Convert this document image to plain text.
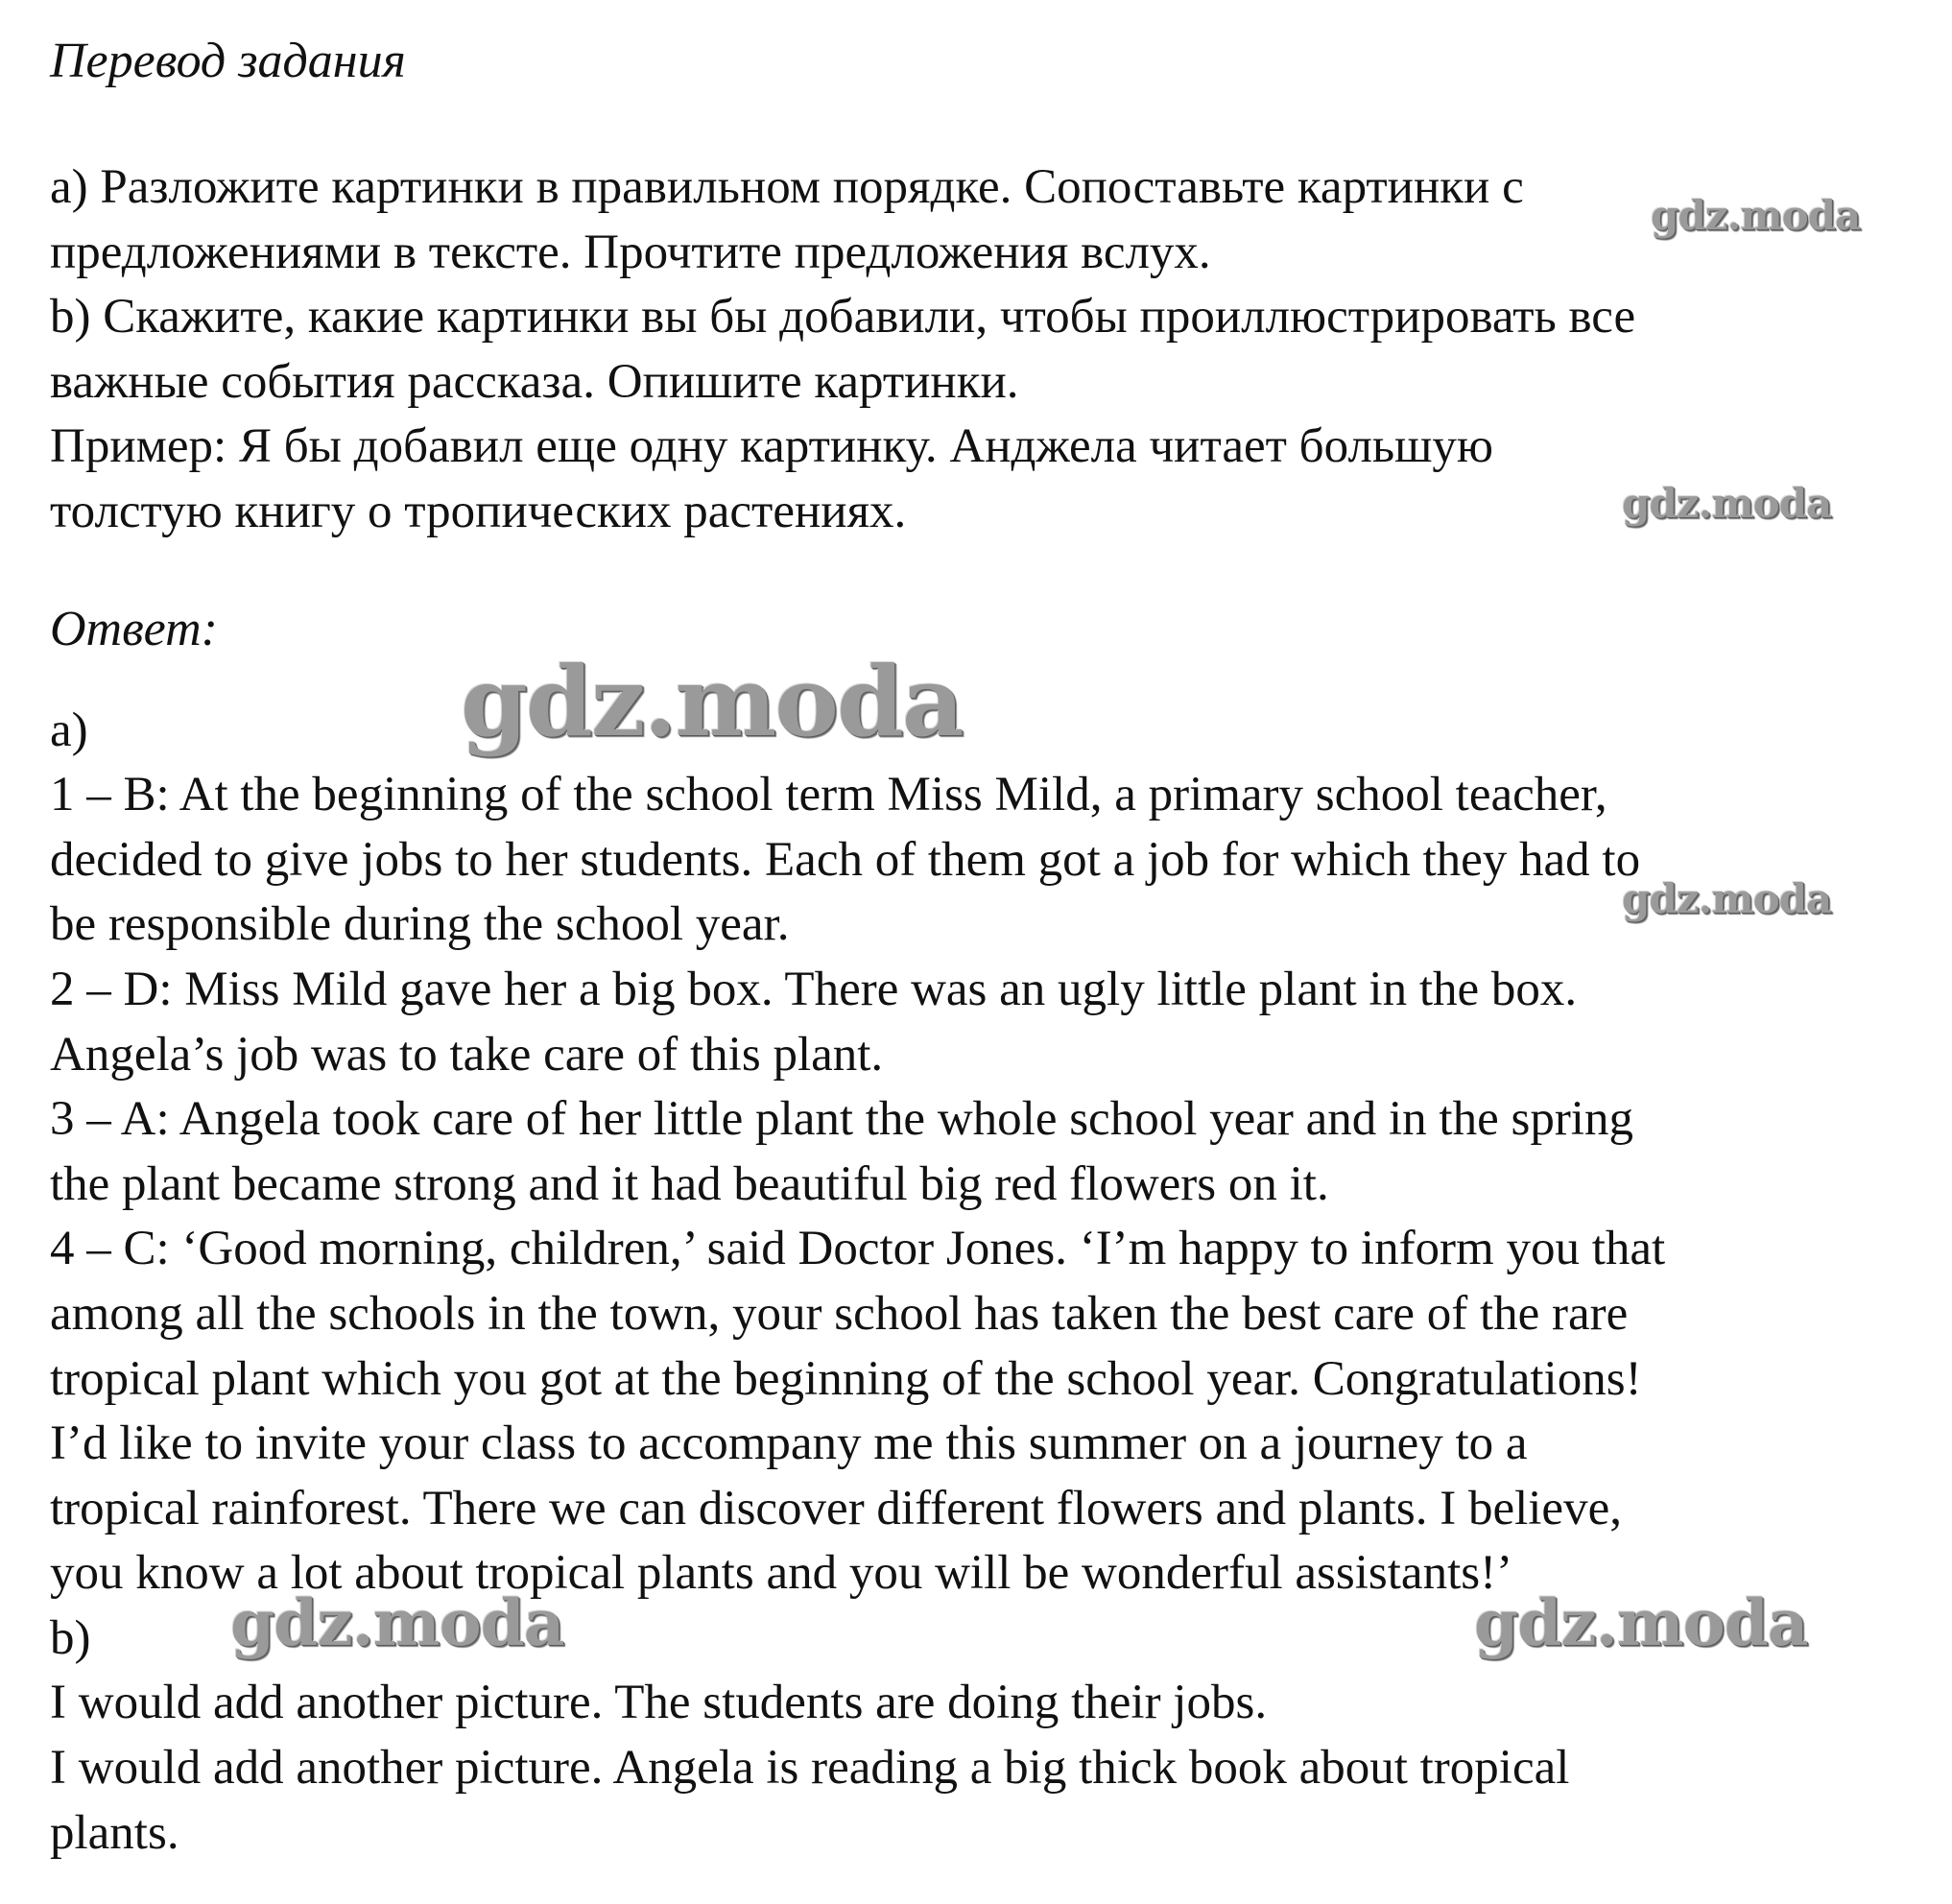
Перевод задания

a) Разложите картинки в правильном порядке. Сопоставьте картинки с

предложениями в тексте. Прочтите предложения вслух.

b) Скажите, какие картинки вы бы добавили, чтобы проиллюстрировать все

важные события рассказа. Опишите картинки.

Пример: Я бы добавил еще одну картинку. Анджела читает большую

толстую книгу о тропических растениях.

Ответ:

a)

1 – B: At the beginning of the school term Miss Mild, a primary school teacher,

decided to give jobs to her students. Each of them got a job for which they had to

be responsible during the school year.

2 – D: Miss Mild gave her a big box. There was an ugly little plant in the box.

Angela’s job was to take care of this plant.

3 – A: Angela took care of her little plant the whole school year and in the spring

the plant became strong and it had beautiful big red flowers on it.

4 – C: ‘Good morning, children,’ said Doctor Jones. ‘I’m happy to inform you that

among all the schools in the town, your school has taken the best care of the rare

tropical plant which you got at the beginning of the school year. Congratulations!

I’d like to invite your class to accompany me this summer on a journey to a

tropical rainforest. There we can discover different flowers and plants. I believe,

you know a lot about tropical plants and you will be wonderful assistants!’

b)

I would add another picture. The students are doing their jobs.

I would add another picture. Angela is reading a big thick book about tropical

plants.

gdz.moda
gdz.moda
gdz.moda
gdz.moda
gdz.moda	gdz.moda
